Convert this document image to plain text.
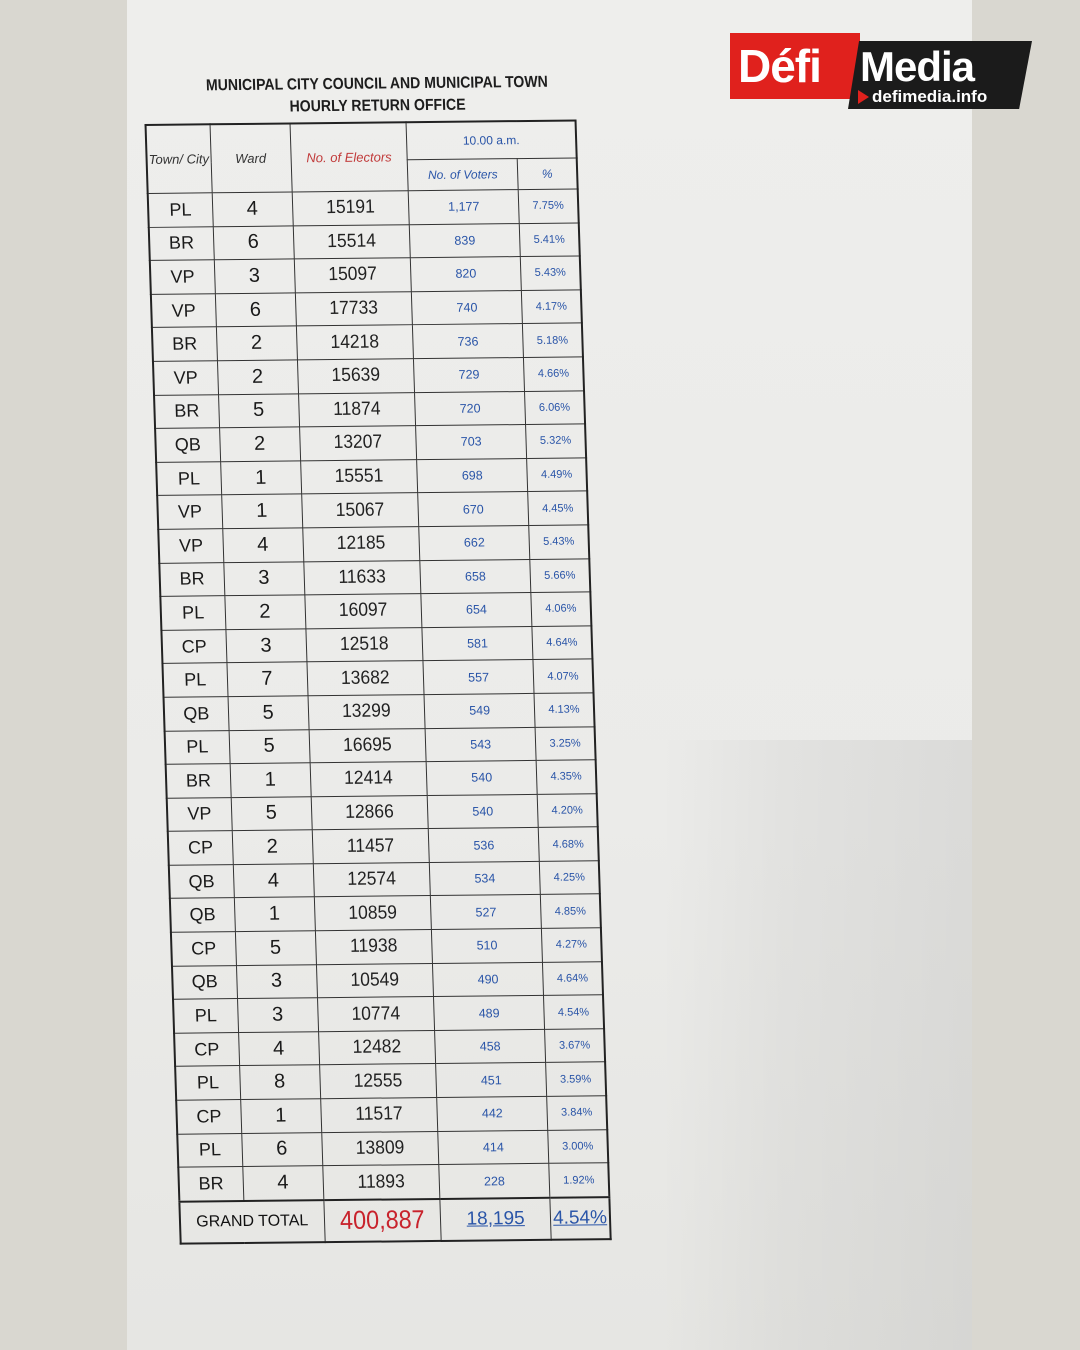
Défi Media
defimedia.info
MUNICIPAL CITY COUNCIL AND MUNICIPAL TOWN
HOURLY RETURN OFFICE
Town/ City	Ward	No. of Electors	10.00 a.m.	
			No. of Voters	%
PL	4	15191	1,177	7.75%
BR	6	15514	839	5.41%
VP	3	15097	820	5.43%
VP	6	17733	740	4.17%
BR	2	14218	736	5.18%
VP	2	15639	729	4.66%
BR	5	11874	720	6.06%
QB	2	13207	703	5.32%
PL	1	15551	698	4.49%
VP	1	15067	670	4.45%
VP	4	12185	662	5.43%
BR	3	11633	658	5.66%
PL	2	16097	654	4.06%
CP	3	12518	581	4.64%
PL	7	13682	557	4.07%
QB	5	13299	549	4.13%
PL	5	16695	543	3.25%
BR	1	12414	540	4.35%
VP	5	12866	540	4.20%
CP	2	11457	536	4.68%
QB	4	12574	534	4.25%
QB	1	10859	527	4.85%
CP	5	11938	510	4.27%
QB	3	10549	490	4.64%
PL	3	10774	489	4.54%
CP	4	12482	458	3.67%
PL	8	12555	451	3.59%
CP	1	11517	442	3.84%
PL	6	13809	414	3.00%
BR	4	11893	228	1.92%
GRAND TOTAL		400,887	18,195	4.54%
